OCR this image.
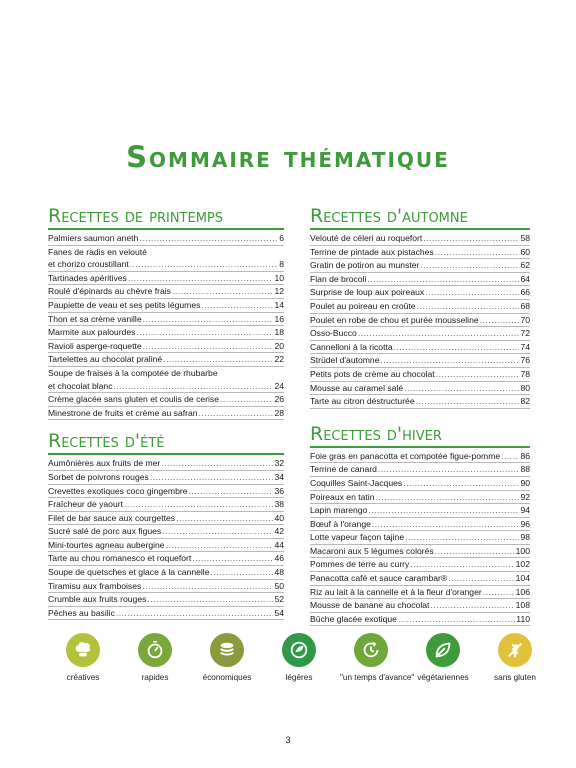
Sommaire thématique
Recettes de printemps
Palmiers saumon aneth .....	6
Fanes de radis en velouté
et chorizo croustillant .....	8
Tartinades apéritives .....	10
Roulé d'épinards au chèvre frais .....	12
Paupiette de veau et ses petits légumes .....	14
Thon et sa crème vanille .....	16
Marmite aux palourdes .....	18
Ravioli asperge-roquette .....	20
Tartelettes au chocolat praliné .....	22
Soupe de fraises à la compotée de rhubarbe
et chocolat blanc .....	24
Crème glacée sans gluten et coulis de cerise .....	26
Minestrone de fruits et crème au safran .....	28
Recettes d'été
Aumônières aux fruits de mer .....	32
Sorbet de poivrons rouges .....	34
Crevettes exotiques coco gingembre .....	36
Fraîcheur de yaourt .....	38
Filet de bar sauce aux courgettes .....	40
Sucré salé de porc aux figues .....	42
Mini-tourtes agneau aubergine .....	44
Tarte au chou romanesco et roquefort .....	46
Soupe de quetsches et glace à la cannelle .....	48
Tiramisu aux framboises .....	50
Crumble aux fruits rouges .....	52
Pêches au basilic .....	54
Recettes d'automne
Velouté de céleri au roquefort .....	58
Terrine de pintade aux pistaches .....	60
Gratin de potiron au munster .....	62
Flan de brocoli .....	64
Surprise de loup aux poireaux .....	66
Poulet au poireau en croûte .....	68
Poulet en robe de chou et purée mousseline .....	70
Osso-Bucco .....	72
Cannelloni à la ricotta .....	74
Strüdel d'automne .....	76
Petits pots de crème au chocolat .....	78
Mousse au caramel salé .....	80
Tarte au citron déstructurée .....	82
Recettes d'hiver
Foie gras en panacotta et compotée figue-pomme ..... 86
Terrine de canard .....	88
Coquilles Saint-Jacques .....	90
Poireaux en tatin .....	92
Lapin marengo .....	94
Bœuf à l'orange .....	96
Lotte vapeur façon tajine .....	98
Macaroni aux 5 légumes colorés .....	100
Pommes de terre au curry .....	102
Panacotta café et sauce carambar® .....	104
Riz au lait à la cannelle et à la fleur d'oranger .....	106
Mousse de banane au chocolat .....	108
Bûche glacée exotique .....	110
créatives	rapides	économiques	légères	"un temps d'avance" végétariennes	sans gluten
3
